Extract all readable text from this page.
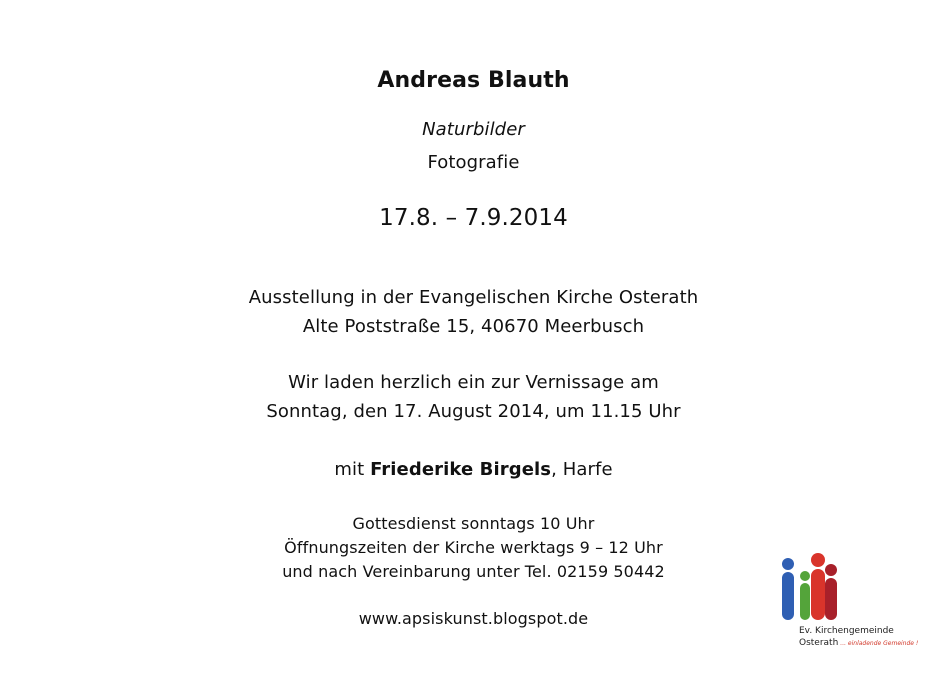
Andreas Blauth
Naturbilder
Fotografie
17.8. – 7.9.2014
Ausstellung in der Evangelischen Kirche Osterath
Alte Poststraße 15, 40670 Meerbusch
Wir laden herzlich ein zur Vernissage am
Sonntag, den 17. August 2014, um 11.15 Uhr
mit Friederike Birgels, Harfe
Gottesdienst sonntags 10 Uhr
Öffnungszeiten der Kirche werktags 9 – 12 Uhr
und nach Vereinbarung unter Tel. 02159 50442
www.apsiskunst.blogspot.de
Ev. Kirchengemeinde
Osterath ... einladende Gemeinde !
